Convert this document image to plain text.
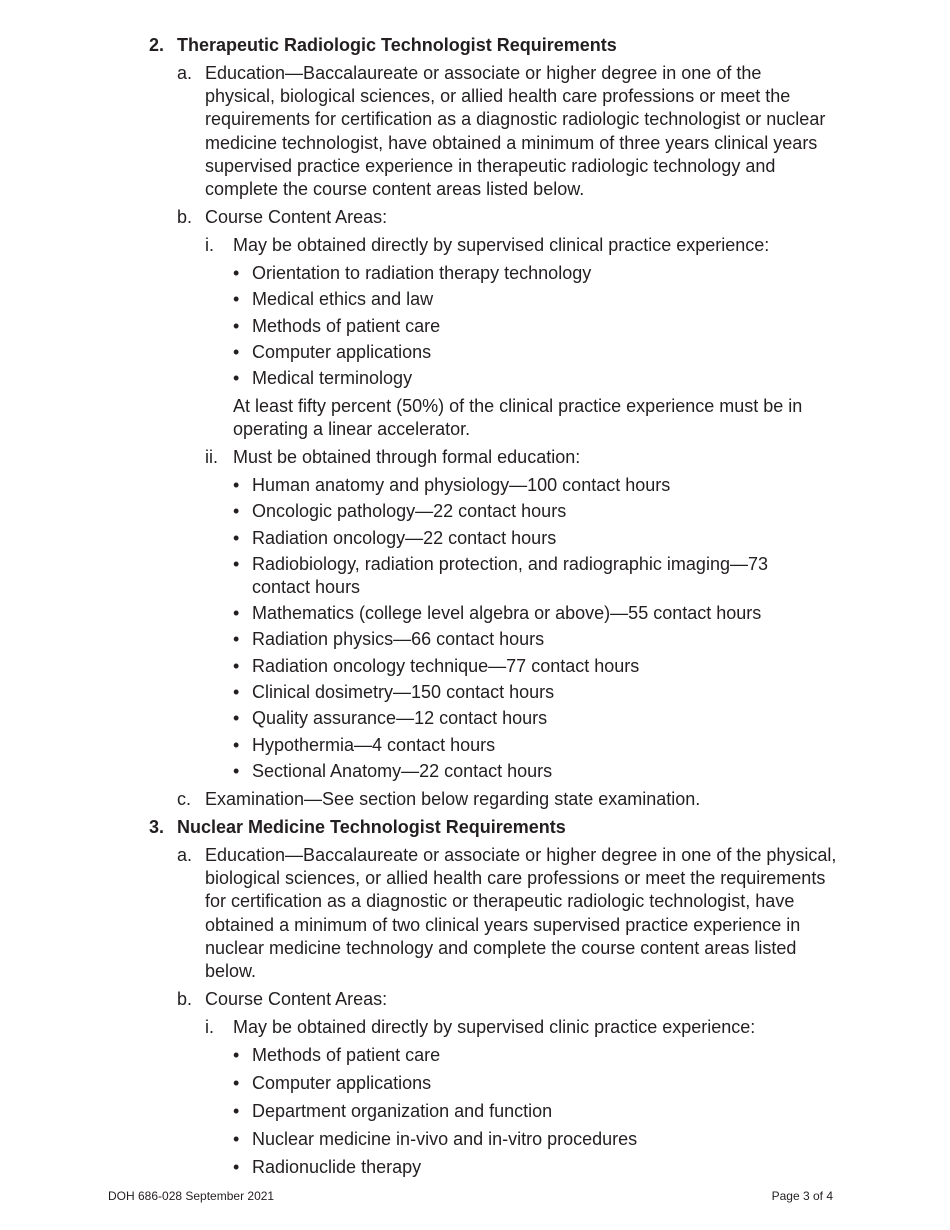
2. Therapeutic Radiologic Technologist Requirements
a. Education—Baccalaureate or associate or higher degree in one of the physical, biological sciences, or allied health care professions or meet the requirements for certification as a diagnostic radiologic technologist or nuclear medicine technologist, have obtained a minimum of three years clinical years supervised practice experience in therapeutic radiologic technology and complete the course content areas listed below.
b. Course Content Areas:
i. May be obtained directly by supervised clinical practice experience:
• Orientation to radiation therapy technology
• Medical ethics and law
• Methods of patient care
• Computer applications
• Medical terminology
At least fifty percent (50%) of the clinical practice experience must be in operating a linear accelerator.
ii. Must be obtained through formal education:
• Human anatomy and physiology—100 contact hours
• Oncologic pathology—22 contact hours
• Radiation oncology—22 contact hours
• Radiobiology, radiation protection, and radiographic imaging—73 contact hours
• Mathematics (college level algebra or above)—55 contact hours
• Radiation physics—66 contact hours
• Radiation oncology technique—77 contact hours
• Clinical dosimetry—150 contact hours
• Quality assurance—12 contact hours
• Hypothermia—4 contact hours
• Sectional Anatomy—22 contact hours
c. Examination—See section below regarding state examination.
3. Nuclear Medicine Technologist Requirements
a. Education—Baccalaureate or associate or higher degree in one of the physical, biological sciences, or allied health care professions or meet the requirements for certification as a diagnostic or therapeutic radiologic technologist, have obtained a minimum of two clinical years supervised practice experience in nuclear medicine technology and complete the course content areas listed below.
b. Course Content Areas:
i. May be obtained directly by supervised clinic practice experience:
• Methods of patient care
• Computer applications
• Department organization and function
• Nuclear medicine in-vivo and in-vitro procedures
• Radionuclide therapy
DOH 686-028 September 2021	Page 3 of 4
